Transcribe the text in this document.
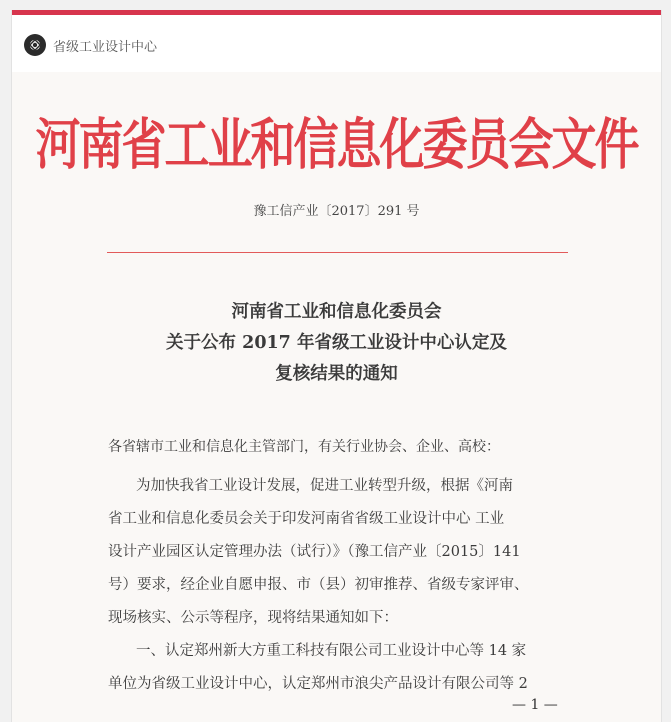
省级工业设计中心
河南省工业和信息化委员会文件
豫工信产业〔2017〕291 号
河南省工业和信息化委员会
关于公布 2017 年省级工业设计中心认定及
复核结果的通知
各省辖市工业和信息化主管部门，有关行业协会、企业、高校：
为加快我省工业设计发展，促进工业转型升级，根据《河南
省工业和信息化委员会关于印发河南省省级工业设计中心 工业
设计产业园区认定管理办法（试行）》（豫工信产业〔2015〕141
号）要求，经企业自愿申报、市（县）初审推荐、省级专家评审、
现场核实、公示等程序，现将结果通知如下：
一、认定郑州新大方重工科技有限公司工业设计中心等 14 家
单位为省级工业设计中心，认定郑州市浪尖产品设计有限公司等 2
— 1 —
